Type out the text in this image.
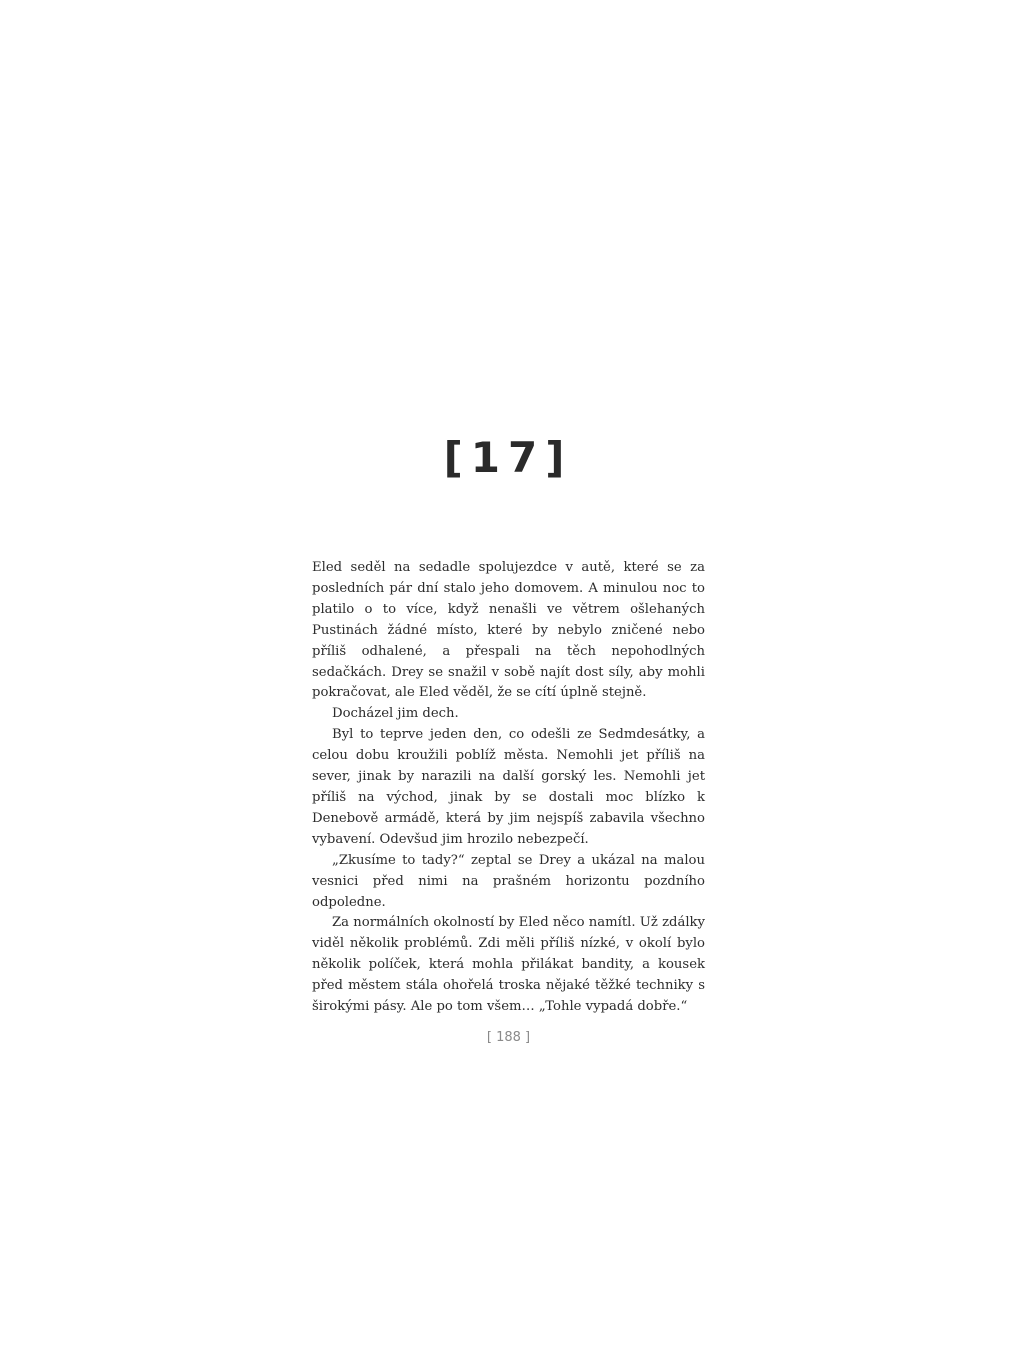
[17]

Eled seděl na sedadle spolujezdce v autě, které se za posledních pár dní stalo jeho domovem. A minulou noc to platilo o to více, když nenašli ve větrem ošlehaných Pustinách žádné místo, které by nebylo zničené nebo příliš odhalené, a přespali na těch nepohodlných sedačkách. Drey se snažil v sobě najít dost síly, aby mohli pokračovat, ale Eled věděl, že se cítí úplně stejně.

Docházel jim dech.

Byl to teprve jeden den, co odešli ze Sedmdesátky, a celou dobu kroužili poblíž města. Nemohli jet příliš na sever, jinak by narazili na další gorský les. Nemohli jet příliš na východ, jinak by se dostali moc blízko k Denebově armádě, která by jim nejspíš zabavila všechno vybavení. Odevšud jim hrozilo nebezpečí.

„Zkusíme to tady?“ zeptal se Drey a ukázal na malou vesnici před nimi na prašném horizontu pozdního odpoledne.

Za normálních okolností by Eled něco namítl. Už zdálky viděl několik problémů. Zdi měli příliš nízké, v okolí bylo několik políček, která mohla přilákat bandity, a kousek před městem stála ohořelá troska nějaké těžké techniky s širokými pásy. Ale po tom všem… „Tohle vypadá dobře.“

[ 188 ]
